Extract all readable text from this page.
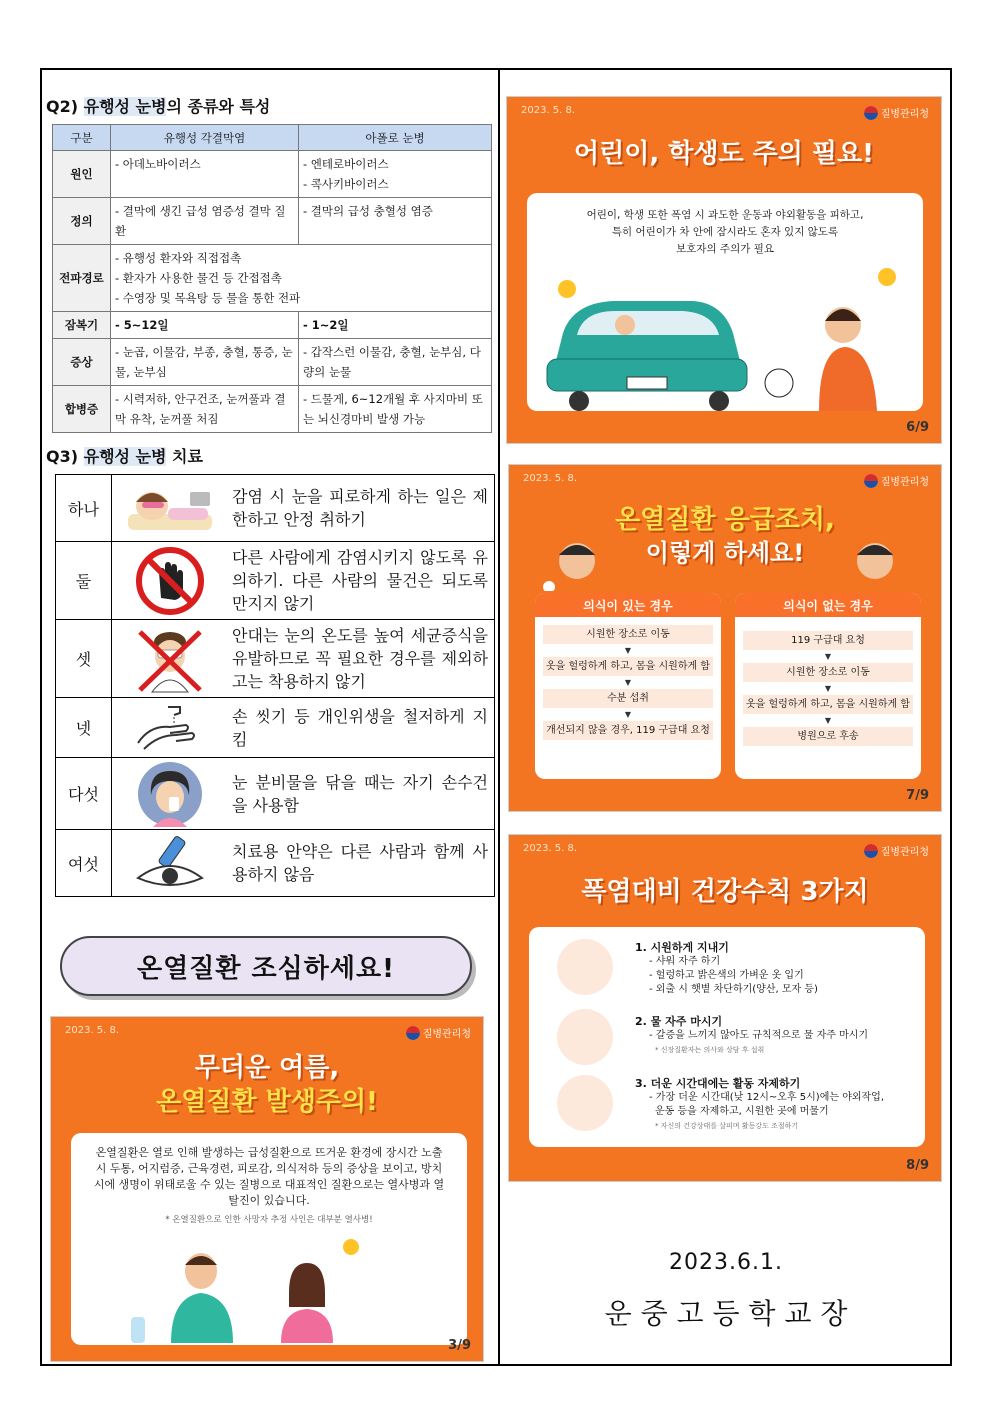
Q2) 유행성 눈병의 종류와 특성
구분	유행성 각결막염	아폴로 눈병
원인	- 아데노바이러스	- 엔테로바이러스
- 콕사키바이러스
정의	- 결막에 생긴 급성 염증성 결막 질환	- 결막의 급성 충혈성 염증
전파경로	- 유행성 환자와 직접접촉
- 환자가 사용한 물건 등 간접접촉
- 수영장 및 목욕탕 등 물을 통한 전파	
잠복기	- 5~12일	- 1~2일
증상	- 눈곱, 이물감, 부종, 충혈, 통증, 눈물, 눈부심	- 갑작스런 이물감, 충혈, 눈부심, 다량의 눈물
합병증	- 시력저하, 안구건조, 눈꺼풀과 결막 유착, 눈꺼풀 처짐	- 드물게, 6~12개월 후 사지마비 또는 뇌신경마비 발생 가능
Q3) 유행성 눈병 치료
하나
감염 시 눈을 피로하게 하는 일은 제한하고 안정 취하기
둘
다른 사람에게 감염시키지 않도록 유의하기. 다른 사람의 물건은 되도록 만지지 않기
셋
안대는 눈의 온도를 높여 세균증식을 유발하므로 꼭 필요한 경우를 제외하고는 착용하지 않기
넷
손 씻기 등 개인위생을 철저하게 지킴
다섯
눈 분비물을 닦을 때는 자기 손수건을 사용함
여섯
치료용 안약은 다른 사람과 함께 사용하지 않음
온열질환 조심하세요!
2023. 5. 8.	질병관리청
무더운 여름,
온열질환 발생주의!
온열질환은 열로 인해 발생하는 급성질환으로 뜨거운 환경에 장시간 노출 시 두통, 어지럼증, 근육경련, 피로감, 의식저하 등의 증상을 보이고, 방치 시에 생명이 위태로울 수 있는 질병으로 대표적인 질환으로는 열사병과 열탈진이 있습니다.
* 온열질환으로 인한 사망자 추정 사인은 대부분 열사병!
3/9
2023. 5. 8.	질병관리청
어린이, 학생도 주의 필요!
어린이, 학생 또한 폭염 시 과도한 운동과 야외활동을 피하고,
특히 어린이가 차 안에 잠시라도 혼자 있지 않도록
보호자의 주의가 필요
6/9
2023. 5. 8.	질병관리청
온열질환 응급조치,
이렇게 하세요!
의식이 있는 경우
시원한 장소로 이동
▼
옷을 헐렁하게 하고, 몸을 시원하게 함
▼
수분 섭취
▼
개선되지 않을 경우, 119 구급대 요청
의식이 없는 경우
119 구급대 요청
▼
시원한 장소로 이동
▼
옷을 헐렁하게 하고, 몸을 시원하게 함
▼
병원으로 후송
7/9
2023. 5. 8.	질병관리청
폭염대비 건강수칙 3가지
1. 시원하게 지내기
- 샤워 자주 하기
- 헐렁하고 밝은색의 가벼운 옷 입기
- 외출 시 햇볕 차단하기(양산, 모자 등)
2. 물 자주 마시기
- 갈증을 느끼지 않아도 규칙적으로 물 자주 마시기
* 신장질환자는 의사와 상담 후 섭취
3. 더운 시간대에는 활동 자제하기
- 가장 더운 시간대(낮 12시~오후 5시)에는 야외작업,
운동 등을 자제하고, 시원한 곳에 머물기
* 자신의 건강상태를 살피며 활동강도 조절하기
8/9
2023.6.1.
운 중 고 등 학 교 장
